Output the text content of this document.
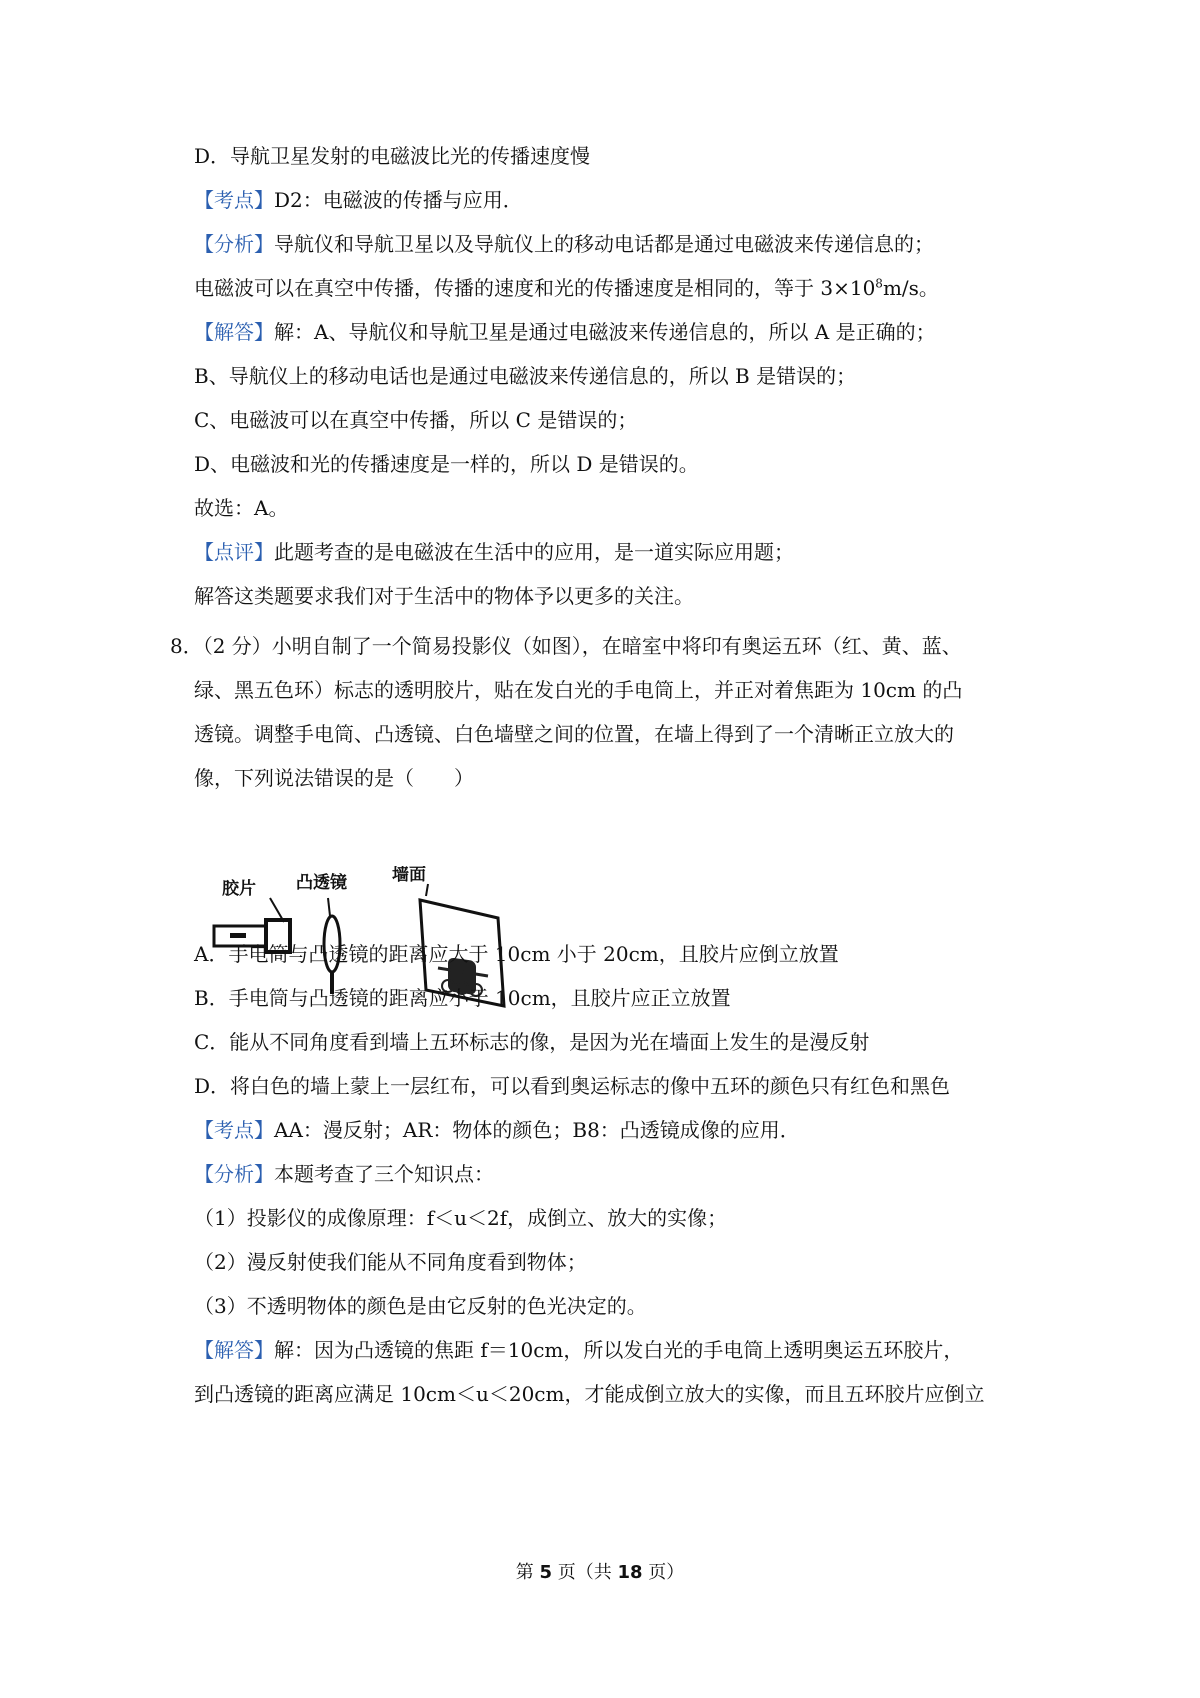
D．导航卫星发射的电磁波比光的传播速度慢
【考点】D2：电磁波的传播与应用．
【分析】导航仪和导航卫星以及导航仪上的移动电话都是通过电磁波来传递信息的；
电磁波可以在真空中传播，传播的速度和光的传播速度是相同的，等于 $3\times 10^8m/s$。
【解答】解：A、导航仪和导航卫星是通过电磁波来传递信息的，所以 A 是正确的；
B、导航仪上的移动电话也是通过电磁波来传递信息的，所以 B 是错误的；
C、电磁波可以在真空中传播，所以 C 是错误的；
D、电磁波和光的传播速度是一样的，所以 D 是错误的。
故选：A。
【点评】此题考查的是电磁波在生活中的应用，是一道实际应用题；
解答这类题要求我们对于生活中的物体予以更多的关注。
8．（2 分）小明自制了一个简易投影仪（如图），在暗室中将印有奥运五环（红、黄、蓝、
绿、黑五色环）标志的透明胶片，贴在发白光的手电筒上，并正对着焦距为 10cm 的凸
透镜。调整手电筒、凸透镜、白色墙壁之间的位置，在墙上得到了一个清晰正立放大的
像，下列说法错误的是（　　）
胶片 凸透镜	墙面
A．手电筒与凸透镜的距离应大于 10cm 小于 20cm，且胶片应倒立放置
B．手电筒与凸透镜的距离应小于 10cm，且胶片应正立放置
C．能从不同角度看到墙上五环标志的像，是因为光在墙面上发生的是漫反射
D．将白色的墙上蒙上一层红布，可以看到奥运标志的像中五环的颜色只有红色和黑色
【考点】AA：漫反射；AR：物体的颜色；B8：凸透镜成像的应用．
【分析】本题考查了三个知识点：
（1）投影仪的成像原理：f＜u＜2f，成倒立、放大的实像；
（2）漫反射使我们能从不同角度看到物体；
（3）不透明物体的颜色是由它反射的色光决定的。
【解答】解：因为凸透镜的焦距 f＝10cm，所以发白光的手电筒上透明奥运五环胶片，
到凸透镜的距离应满足 10cm＜u＜20cm，才能成倒立放大的实像，而且五环胶片应倒立
第 5 页（共 18 页）
